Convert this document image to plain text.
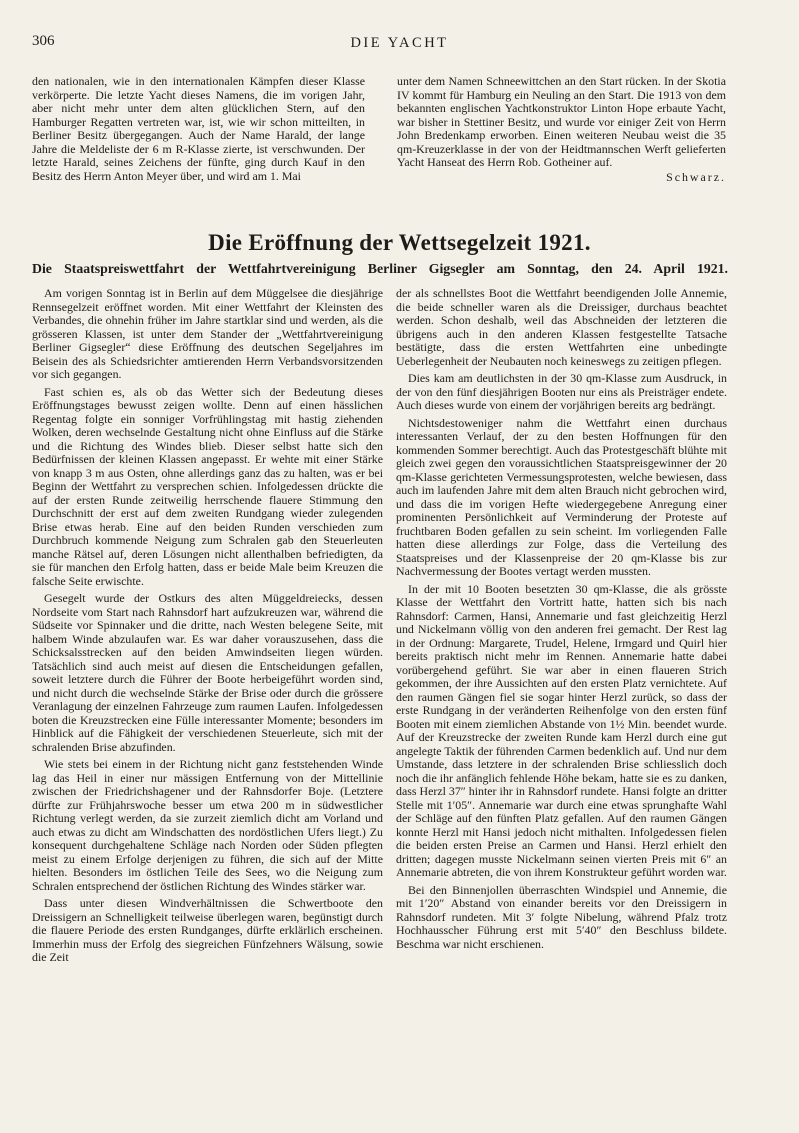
306	DIE YACHT

den nationalen, wie in den internationalen Kämpfen dieser Klasse verkörperte. Die letzte Yacht dieses Namens, die im vorigen Jahr, aber nicht mehr unter dem alten glücklichen Stern, auf den Hamburger Regatten vertreten war, ist, wie wir schon mitteilten, in Berliner Besitz übergegangen. Auch der Name Harald, der lange Jahre die Meldeliste der 6 m R-Klasse zierte, ist verschwunden. Der letzte Harald, seines Zeichens der fünfte, ging durch Kauf in den Besitz des Herrn Anton Meyer über, und wird am 1. Mai

unter dem Namen Schneewittchen an den Start rücken. In der Skotia IV kommt für Hamburg ein Neuling an den Start. Die 1913 von dem bekannten englischen Yachtkonstruktor Linton Hope erbaute Yacht, war bisher in Stettiner Besitz, und wurde vor einiger Zeit von Herrn John Bredenkamp erworben. Einen weiteren Neubau weist die 35 qm-Kreuzerklasse in der von der Heidtmannschen Werft gelieferten Yacht Hanseat des Herrn Rob. Gotheiner auf.

Schwarz.
Die Eröffnung der Wettsegelzeit 1921.
Die Staatspreiswettfahrt der Wettfahrtvereinigung Berliner Gigsegler am Sonntag, den 24. April 1921.

Am vorigen Sonntag ist in Berlin auf dem Müggelsee die diesjährige Rennsegelzeit eröffnet worden. Mit einer Wettfahrt der Kleinsten des Verbandes, die ohnehin früher im Jahre startklar sind und werden, als die grösseren Klassen, ist unter dem Stander der „Wettfahrtvereinigung Berliner Gigsegler“ diese Eröffnung des deutschen Segeljahres im Beisein des als Schiedsrichter amtierenden Herrn Verbandsvorsitzenden vor sich gegangen.

Fast schien es, als ob das Wetter sich der Bedeutung dieses Eröffnungstages bewusst zeigen wollte. Denn auf einen hässlichen Regentag folgte ein sonniger Vorfrühlingstag mit hastig ziehenden Wolken, deren wechselnde Gestaltung nicht ohne Einfluss auf die Stärke und die Richtung des Windes blieb. Dieser selbst hatte sich den Bedürfnissen der kleinen Klassen angepasst. Er wehte mit einer Stärke von knapp 3 m aus Osten, ohne allerdings ganz das zu halten, was er bei Beginn der Wettfahrt zu versprechen schien. Infolgedessen drückte die auf der ersten Runde zeitweilig herrschende flauere Stimmung den Durchschnitt der erst auf dem zweiten Rundgang wieder zulegenden Brise etwas herab. Eine auf den beiden Runden verschieden zum Durchbruch kommende Neigung zum Schralen gab den Steuerleuten manche Rätsel auf, deren Lösungen nicht allenthalben befriedigten, da sie für manchen den Erfolg hatten, dass er beide Male beim Kreuzen die falsche Seite erwischte.

Gesegelt wurde der Ostkurs des alten Müggeldreiecks, dessen Nordseite vom Start nach Rahnsdorf hart aufzukreuzen war, während die Südseite vor Spinnaker und die dritte, nach Westen belegene Seite, mit halbem Winde abzulaufen war. Es war daher vorauszusehen, dass die Schicksalsstrecken auf den beiden Amwindseiten liegen würden. Tatsächlich sind auch meist auf diesen die Entscheidungen gefallen, soweit letztere durch die Führer der Boote herbeigeführt worden sind, und nicht durch die wechselnde Stärke der Brise oder durch die grössere Veranlagung der einzelnen Fahrzeuge zum raumen Laufen. Infolgedessen boten die Kreuzstrecken eine Fülle interessanter Momente; besonders im Hinblick auf die Fähigkeit der verschiedenen Steuerleute, sich mit der schralenden Brise abzufinden.

Wie stets bei einem in der Richtung nicht ganz feststehenden Winde lag das Heil in einer nur mässigen Entfernung von der Mittellinie zwischen der Friedrichshagener und der Rahnsdorfer Boje. (Letztere dürfte zur Frühjahrswoche besser um etwa 200 m in südwestlicher Richtung verlegt werden, da sie zurzeit ziemlich dicht am Vorland und auch etwas zu dicht am Windschatten des nordöstlichen Ufers liegt.) Zu konsequent durchgehaltene Schläge nach Norden oder Süden pflegten meist zu einem Erfolge derjenigen zu führen, die sich auf der Mitte hielten. Besonders im östlichen Teile des Sees, wo die Neigung zum Schralen entsprechend der östlichen Richtung des Windes stärker war.

Dass unter diesen Windverhältnissen die Schwertboote den Dreissigern an Schnelligkeit teilweise überlegen waren, begünstigt durch die flauere Periode des ersten Rundganges, dürfte erklärlich erscheinen. Immerhin muss der Erfolg des siegreichen Fünfzehners Wälsung, sowie die Zeit

der als schnellstes Boot die Wettfahrt beendigenden Jolle Annemie, die beide schneller waren als die Dreissiger, durchaus beachtet werden. Schon deshalb, weil das Abschneiden der letzteren die übrigens auch in den anderen Klassen festgestellte Tatsache bestätigte, dass die ersten Wettfahrten eine unbedingte Ueberlegenheit der Neubauten noch keineswegs zu zeitigen pflegen.

Dies kam am deutlichsten in der 30 qm-Klasse zum Ausdruck, in der von den fünf diesjährigen Booten nur eins als Preisträger endete. Auch dieses wurde von einem der vorjährigen bereits arg bedrängt.

Nichtsdestoweniger nahm die Wettfahrt einen durchaus interessanten Verlauf, der zu den besten Hoffnungen für den kommenden Sommer berechtigt. Auch das Protestgeschäft blühte mit gleich zwei gegen den voraussichtlichen Staatspreisgewinner der 20 qm-Klasse gerichteten Vermessungsprotesten, welche bewiesen, dass auch im laufenden Jahre mit dem alten Brauch nicht gebrochen wird, und dass die im vorigen Hefte wiedergegebene Anregung einer prominenten Persönlichkeit auf Verminderung der Proteste auf fruchtbaren Boden gefallen zu sein scheint. Im vorliegenden Falle hatten diese allerdings zur Folge, dass die Verteilung des Staatspreises und der Klassenpreise der 20 qm-Klasse bis zur Nachvermessung der Bootes vertagt werden mussten.

In der mit 10 Booten besetzten 30 qm-Klasse, die als grösste Klasse der Wettfahrt den Vortritt hatte, hatten sich bis nach Rahnsdorf: Carmen, Hansi, Annemarie und fast gleichzeitig Herzl und Nickelmann völlig von den anderen frei gemacht. Der Rest lag in der Ordnung: Margarete, Trudel, Helene, Irmgard und Quirl hier bereits praktisch nicht mehr im Rennen. Annemarie hatte dabei vorübergehend geführt. Sie war aber in einen flaueren Strich gekommen, der ihre Aussichten auf den ersten Platz vernichtete. Auf den raumen Gängen fiel sie sogar hinter Herzl zurück, so dass der erste Rundgang in der veränderten Reihenfolge von den ersten fünf Booten mit einem ziemlichen Abstande von 1½ Min. beendet wurde. Auf der Kreuzstrecke der zweiten Runde kam Herzl durch eine gut angelegte Taktik der führenden Carmen bedenklich auf. Und nur dem Umstande, dass letztere in der schralenden Brise schliesslich doch noch die ihr anfänglich fehlende Höhe bekam, hatte sie es zu danken, dass Herzl 37″ hinter ihr in Rahnsdorf rundete. Hansi folgte an dritter Stelle mit 1′05″. Annemarie war durch eine etwas sprunghafte Wahl der Schläge auf den fünften Platz gefallen. Auf den raumen Gängen konnte Herzl mit Hansi jedoch nicht mithalten. Infolgedessen fielen die beiden ersten Preise an Carmen und Hansi. Herzl erhielt den dritten; dagegen musste Nickelmann seinen vierten Preis mit 6″ an Annemarie abtreten, die von ihrem Konstrukteur geführt worden war.

Bei den Binnenjollen überraschten Windspiel und Annemie, die mit 1′20″ Abstand von einander bereits vor den Dreissigern in Rahnsdorf rundeten. Mit 3′ folgte Nibelung, während Pfalz trotz Hochhausscher Führung erst mit 5′40″ den Beschluss bildete. Beschma war nicht erschienen.
